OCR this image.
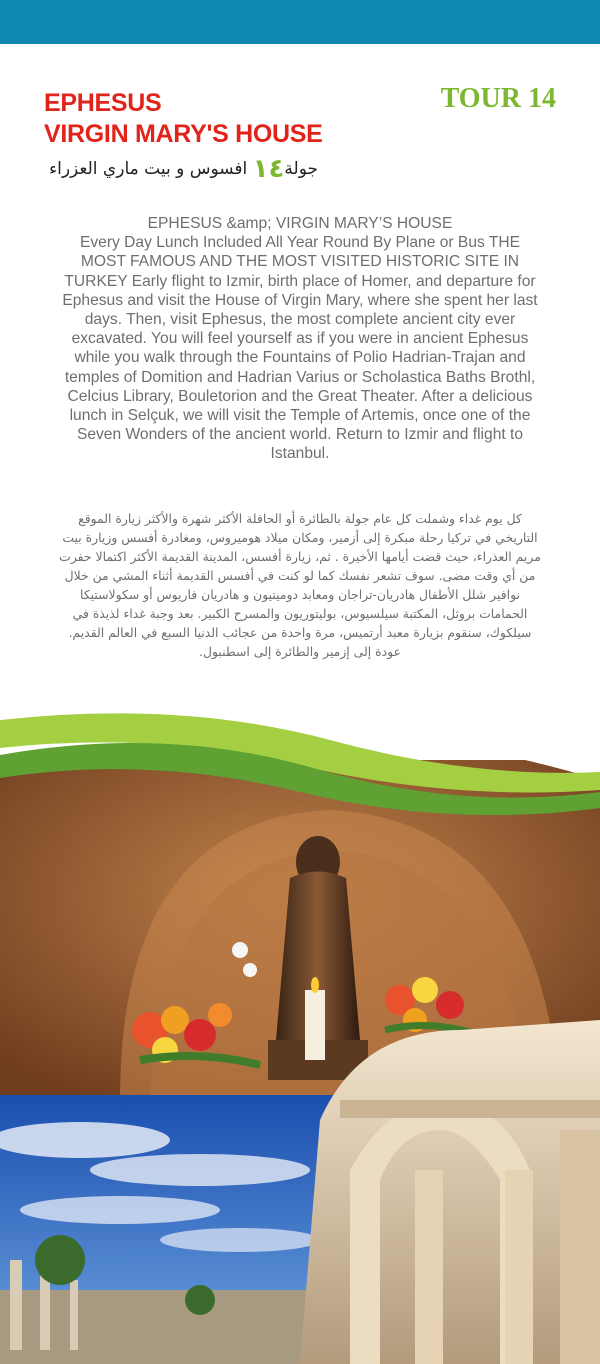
EPHESUS
VIRGIN MARY'S HOUSE
TOUR 14
جولة١٤ افسوس و بيت ماري العزراء
EPHESUS &amp; VIRGIN MARY’S HOUSE
Every Day Lunch Included All Year Round By Plane or Bus THE MOST FAMOUS AND THE MOST VISITED HISTORIC SITE IN TURKEY Early flight to Izmir, birth place of Homer, and departure for Ephesus and visit the House of Virgin Mary, where she spent her last days. Then, visit Ephesus, the most complete ancient city ever excavated. You will feel yourself as if you were in ancient Ephesus while you walk through the Fountains of Polio Hadrian-Trajan and temples of Domition and Hadrian Varius or Scholastica Baths Brothl, Celcius Library, Bouletorion and the Great Theater. After a delicious lunch in Selçuk, we will visit the Temple of Artemis, once one of the Seven Wonders of the ancient world. Return to Izmir and flight to Istanbul.
كل يوم غداء وشملت كل عام جولة بالطائرة أو الحافلة الأكثر شهرة والأكثر زيارة الموقع التاريخي في تركيا رحلة مبكرة إلى أزمير، ومكان ميلاد هوميروس، ومغادرة أفسس وزيارة بيت مريم العذراء، حيث قضت أيامها الأخيرة . ثم، زيارة أفسس، المدينة القديمة الأكثر اكتمالا حفرت من أي وقت مضى. سوف تشعر نفسك كما لو كنت في أفسس القديمة أثناء المشي من خلال نوافير شلل الأطفال هادريان-تراجان ومعابد دوميتيون و هادريان فاريوس أو سكولاستيكا الحمامات بروثل، المكتبة سيلسيوس، بوليتوريون والمسرح الكبير. بعد وجبة غداء لذيذة في سيلكوك، سنقوم بزيارة معبد أرتميس، مرة واحدة من عجائب الدنيا السبع في العالم القديم. عودة إلى إزمير والطائرة إلى اسطنبول.
